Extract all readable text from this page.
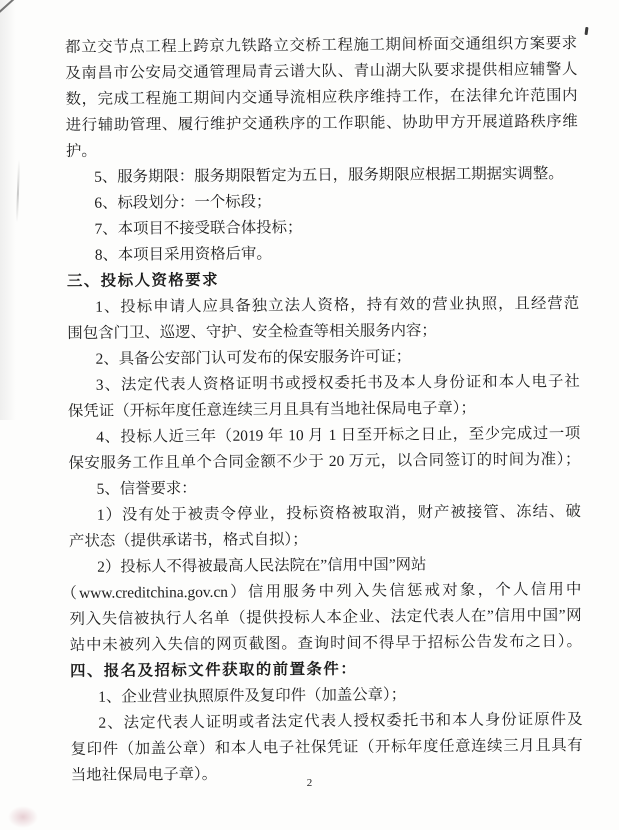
都立交节点工程上跨京九铁路立交桥工程施工期间桥面交通组织方案要求
及南昌市公安局交通管理局青云谱大队、青山湖大队要求提供相应辅警人
数，完成工程施工期间内交通导流相应秩序维持工作，在法律允许范围内
进行辅助管理、履行维护交通秩序的工作职能、协助甲方开展道路秩序维
护。
5、服务期限：服务期限暂定为五日，服务期限应根据工期据实调整。
6、标段划分：一个标段；
7、本项目不接受联合体投标；
8、本项目采用资格后审。
三、投标人资格要求
1、投标申请人应具备独立法人资格，持有效的营业执照，且经营范
围包含门卫、巡逻、守护、安全检查等相关服务内容；
2、具备公安部门认可发布的保安服务许可证；
3、法定代表人资格证明书或授权委托书及本人身份证和本人电子社
保凭证（开标年度任意连续三月且具有当地社保局电子章）；
4、投标人近三年（2019 年 10 月 1 日至开标之日止，至少完成过一项
保安服务工作且单个合同金额不少于 20 万元，以合同签订的时间为准）；
5、信誉要求：
1）没有处于被责令停业，投标资格被取消，财产被接管、冻结、破
产状态（提供承诺书，格式自拟）；
2）投标人不得被最高人民法院在”信用中国”网站
（www.creditchina.gov.cn）信用服务中列入失信惩戒对象，个人信用中
列入失信被执行人名单（提供投标人本企业、法定代表人在”信用中国”网
站中未被列入失信的网页截图。查询时间不得早于招标公告发布之日）。
四、报名及招标文件获取的前置条件：
1、企业营业执照原件及复印件（加盖公章）；
2、法定代表人证明或者法定代表人授权委托书和本人身份证原件及
复印件（加盖公章）和本人电子社保凭证（开标年度任意连续三月且具有
当地社保局电子章）。	2
